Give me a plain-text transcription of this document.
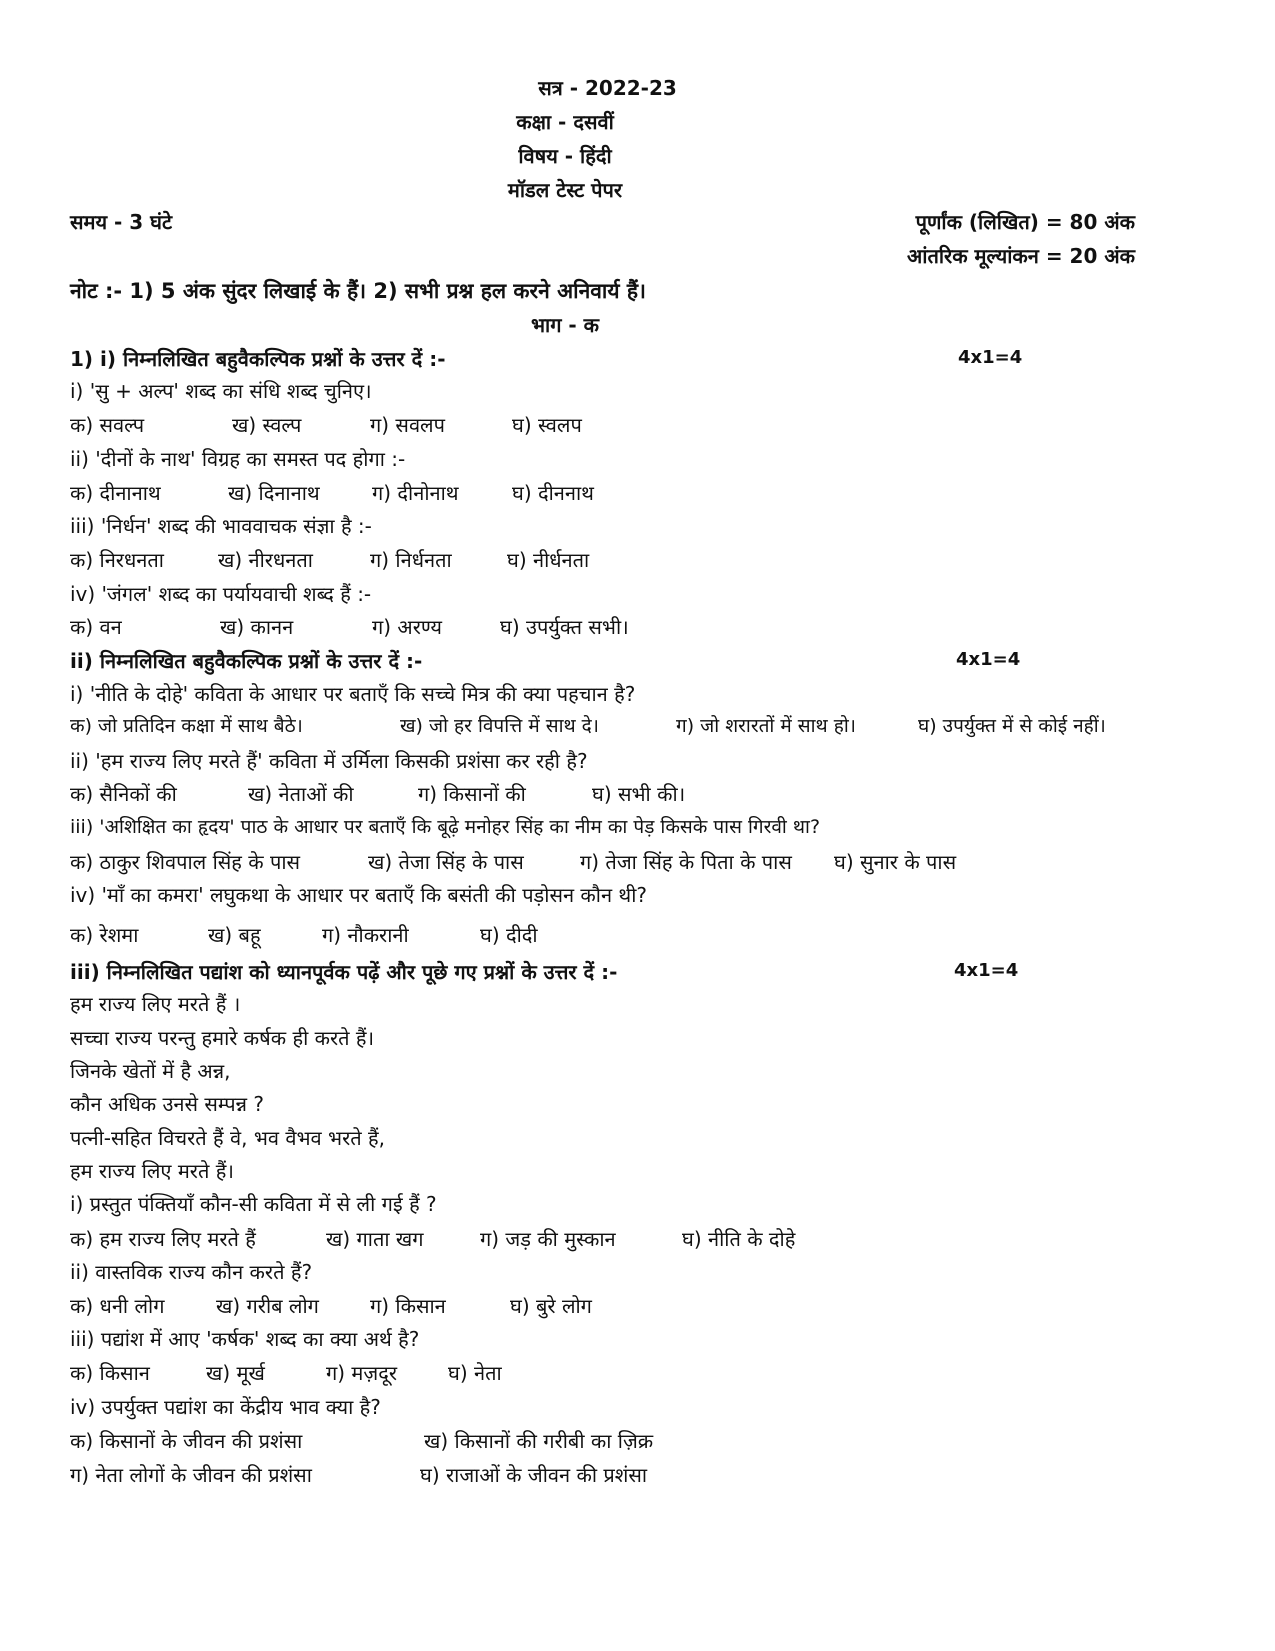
सत्र - 2022-23
कक्षा - दसवीं
विषय - हिंदी
मॉडल टेस्ट पेपर
समय - 3 घंटे	पूर्णांक (लिखित) = 80 अंक
आंतरिक मूल्यांकन = 20 अंक
नोट :- 1) 5 अंक सुंदर लिखाई के हैं। 2) सभी प्रश्न हल करने अनिवार्य हैं।
भाग - क
1) i) निम्नलिखित बहुवैकल्पिक प्रश्नों के उत्तर दें :-	4x1=4
i) 'सु + अल्प' शब्द का संधि शब्द चुनिए।
क) सवल्प	ख) स्वल्प	ग) सवलप	घ) स्वलप
ii) 'दीनों के नाथ' विग्रह का समस्त पद होगा :-
क) दीनानाथ	ख) दिनानाथ	ग) दीनोनाथ	घ) दीननाथ
iii) 'निर्धन' शब्द की भाववाचक संज्ञा है :-
क) निरधनता	ख) नीरधनता	ग) निर्धनता	घ) नीर्धनता
iv) 'जंगल' शब्द का पर्यायवाची शब्द हैं :-
क) वन	ख) कानन	ग) अरण्य	घ) उपर्युक्त सभी।
ii) निम्नलिखित बहुवैकल्पिक प्रश्नों के उत्तर दें :-	4x1=4
i) 'नीति के दोहे' कविता के आधार पर बताएँ कि सच्चे मित्र की क्या पहचान है?
क) जो प्रतिदिन कक्षा में साथ बैठे।	ख) जो हर विपत्ति में साथ दे।	ग) जो शरारतों में साथ हो।	घ) उपर्युक्त में से कोई नहीं।
ii) 'हम राज्य लिए मरते हैं' कविता में उर्मिला किसकी प्रशंसा कर रही है?
क) सैनिकों की	ख) नेताओं की	ग) किसानों की	घ) सभी की।
iii) 'अशिक्षित का हृदय' पाठ के आधार पर बताएँ कि बूढ़े मनोहर सिंह का नीम का पेड़ किसके पास गिरवी था?
क) ठाकुर शिवपाल सिंह के पास	ख) तेजा सिंह के पास	ग) तेजा सिंह के पिता के पास घ) सुनार के पास
iv) 'माँ का कमरा' लघुकथा के आधार पर बताएँ कि बसंती की पड़ोसन कौन थी?
क) रेशमा	ख) बहू	ग) नौकरानी	घ) दीदी
iii) निम्नलिखित पद्यांश को ध्यानपूर्वक पढ़ें और पूछे गए प्रश्नों के उत्तर दें :-	4x1=4
हम राज्य लिए मरते हैं ।
सच्चा राज्य परन्तु हमारे कर्षक ही करते हैं।
जिनके खेतों में है अन्न,
कौन अधिक उनसे सम्पन्न ?
पत्नी-सहित विचरते हैं वे, भव वैभव भरते हैं,
हम राज्य लिए मरते हैं।
i) प्रस्तुत पंक्तियाँ कौन-सी कविता में से ली गई हैं ?
क) हम राज्य लिए मरते हैं	ख) गाता खग	ग) जड़ की मुस्कान	घ) नीति के दोहे
ii) वास्तविक राज्य कौन करते हैं?
क) धनी लोग	ख) गरीब लोग	ग) किसान	घ) बुरे लोग
iii) पद्यांश में आए 'कर्षक' शब्द का क्या अर्थ है?
क) किसान	ख) मूर्ख	ग) मज़दूर	घ) नेता
iv) उपर्युक्त पद्यांश का केंद्रीय भाव क्या है?
क) किसानों के जीवन की प्रशंसा	ख) किसानों की गरीबी का ज़िक्र
ग) नेता लोगों के जीवन की प्रशंसा	घ) राजाओं के जीवन की प्रशंसा
